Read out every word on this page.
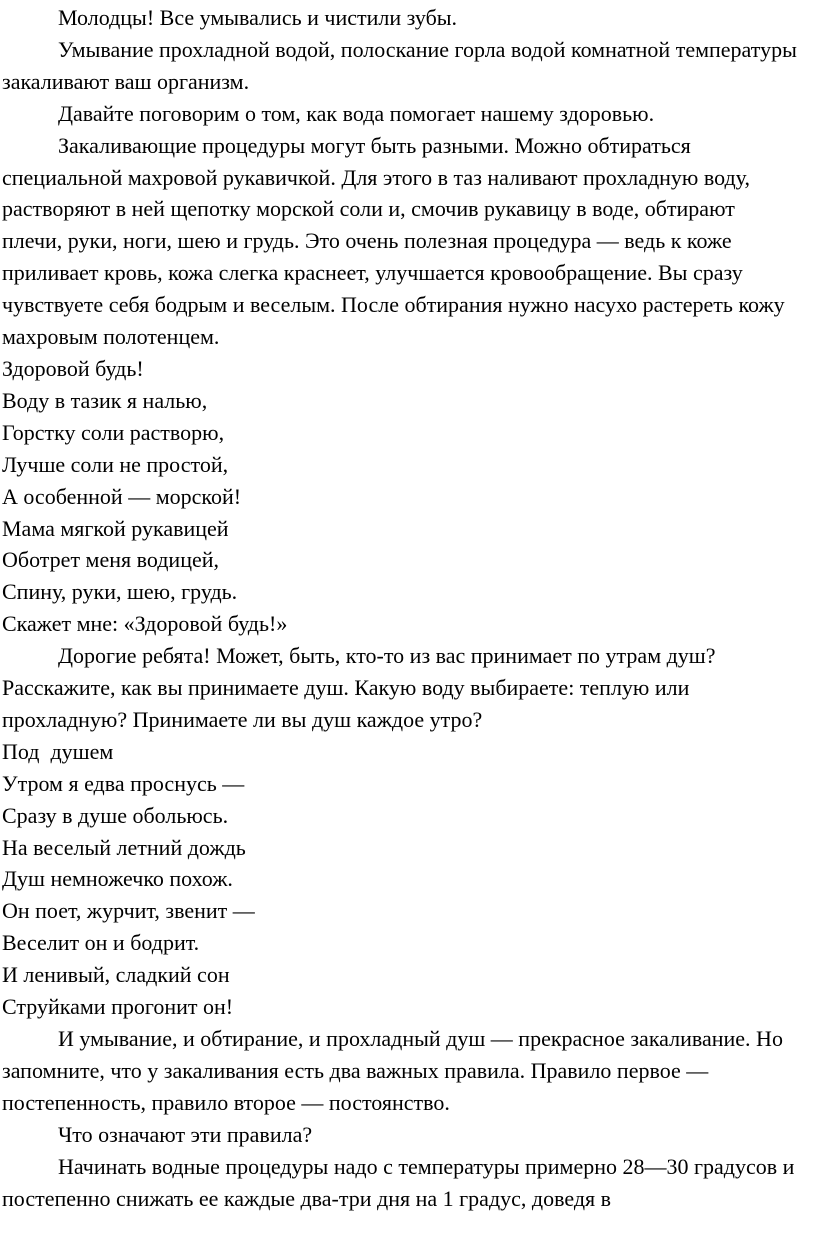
Молодцы! Все умывались и чистили зубы.

Умывание прохладной водой, полоскание горла водой комнатной температуры закаливают ваш организм.

Давайте поговорим о том, как вода помогает нашему здоровью.

Закаливающие процедуры могут быть разными. Можно обтираться специальной махровой рукавичкой. Для этого в таз наливают прохладную воду, растворяют в ней щепотку морской соли и, смочив рукавицу в воде, обтирают плечи, руки, ноги, шею и грудь. Это очень полезная процедура — ведь к коже приливает кровь, кожа слегка краснеет, улучшается кровообращение. Вы сразу чувствуете себя бодрым и веселым. После обтирания нужно насухо растереть кожу махровым полотенцем.

Здоровой будь!

Воду в тазик я налью,

Горстку соли растворю,

Лучше соли не простой,

А особенной — морской!

Мама мягкой рукавицей

Оботрет меня водицей,

Спину, руки, шею, грудь.

Скажет мне: «Здоровой будь!»

Дорогие ребята! Может, быть, кто-то из вас принимает по утрам душ? Расскажите, как вы принимаете душ. Какую воду выбираете: теплую или прохладную? Принимаете ли вы душ каждое утро?

Под  душем

Утром я едва проснусь —

Сразу в душе обольюсь.

На веселый летний дождь

Душ немножечко похож.

Он поет, журчит, звенит —

Веселит он и бодрит.

И ленивый, сладкий сон

Струйками прогонит он!

И умывание, и обтирание, и прохладный душ — прекрасное закаливание. Но запомните, что у закаливания есть два важных правила. Правило первое — постепенность, правило второе — постоянство.

Что означают эти правила?

Начинать водные процедуры надо с температуры примерно 28—30 градусов и постепенно снижать ее каждые два-три дня на 1 градус, доведя в
